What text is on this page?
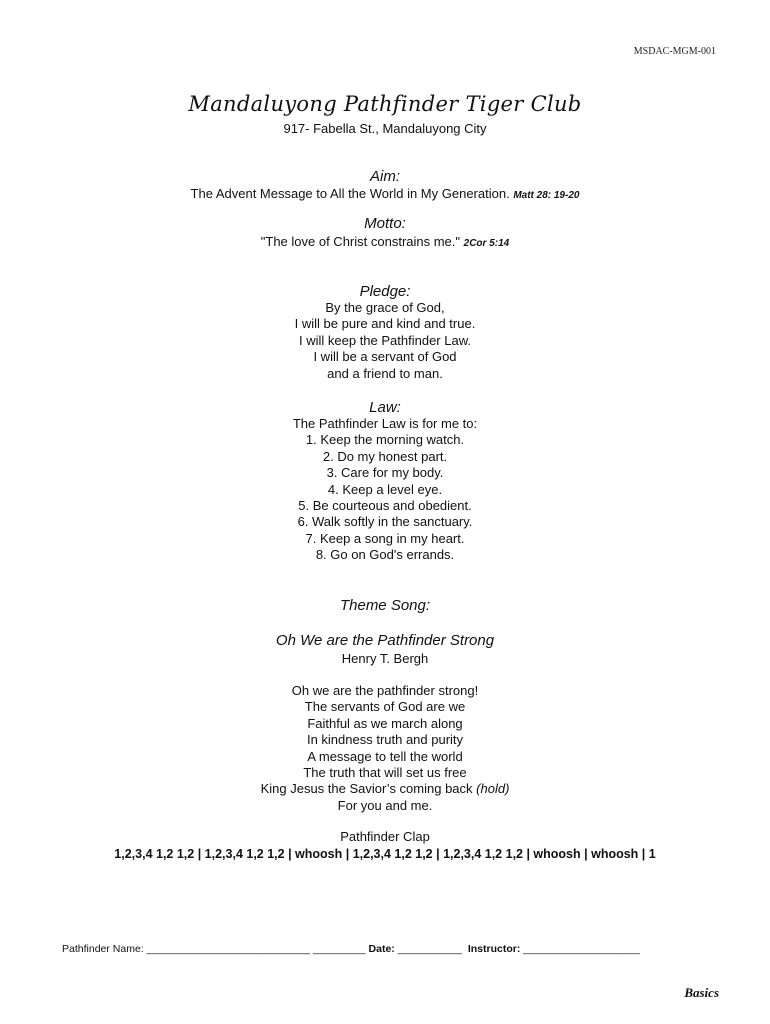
MSDAC-MGM-001
Mandaluyong Pathfinder Tiger Club
917- Fabella St., Mandaluyong City
Aim:
The Advent Message to All the World in My Generation. Matt 28: 19-20
Motto:
"The love of Christ constrains me." 2Cor 5:14
Pledge:
By the grace of God,
I will be pure and kind and true.
I will keep the Pathfinder Law.
I will be a servant of God
and a friend to man.
Law:
The Pathfinder Law is for me to:
1. Keep the morning watch.
2. Do my honest part.
3. Care for my body.
4. Keep a level eye.
5. Be courteous and obedient.
6. Walk softly in the sanctuary.
7. Keep a song in my heart.
8. Go on God's errands.
Theme Song:
Oh We are the Pathfinder Strong
Henry T. Bergh
Oh we are the pathfinder strong!
The servants of God are we
Faithful as we march along
In kindness truth and purity
A message to tell the world
The truth that will set us free
King Jesus the Savior’s coming back (hold)
For you and me.
Pathfinder Clap
1,2,3,4 1,2 1,2 | 1,2,3,4 1,2 1,2 | whoosh | 1,2,3,4 1,2 1,2 | 1,2,3,4 1,2 1,2 | whoosh | whoosh | 1
Pathfinder Name: ____________________________ _________ Date: ___________ Instructor: ____________________
Basics
